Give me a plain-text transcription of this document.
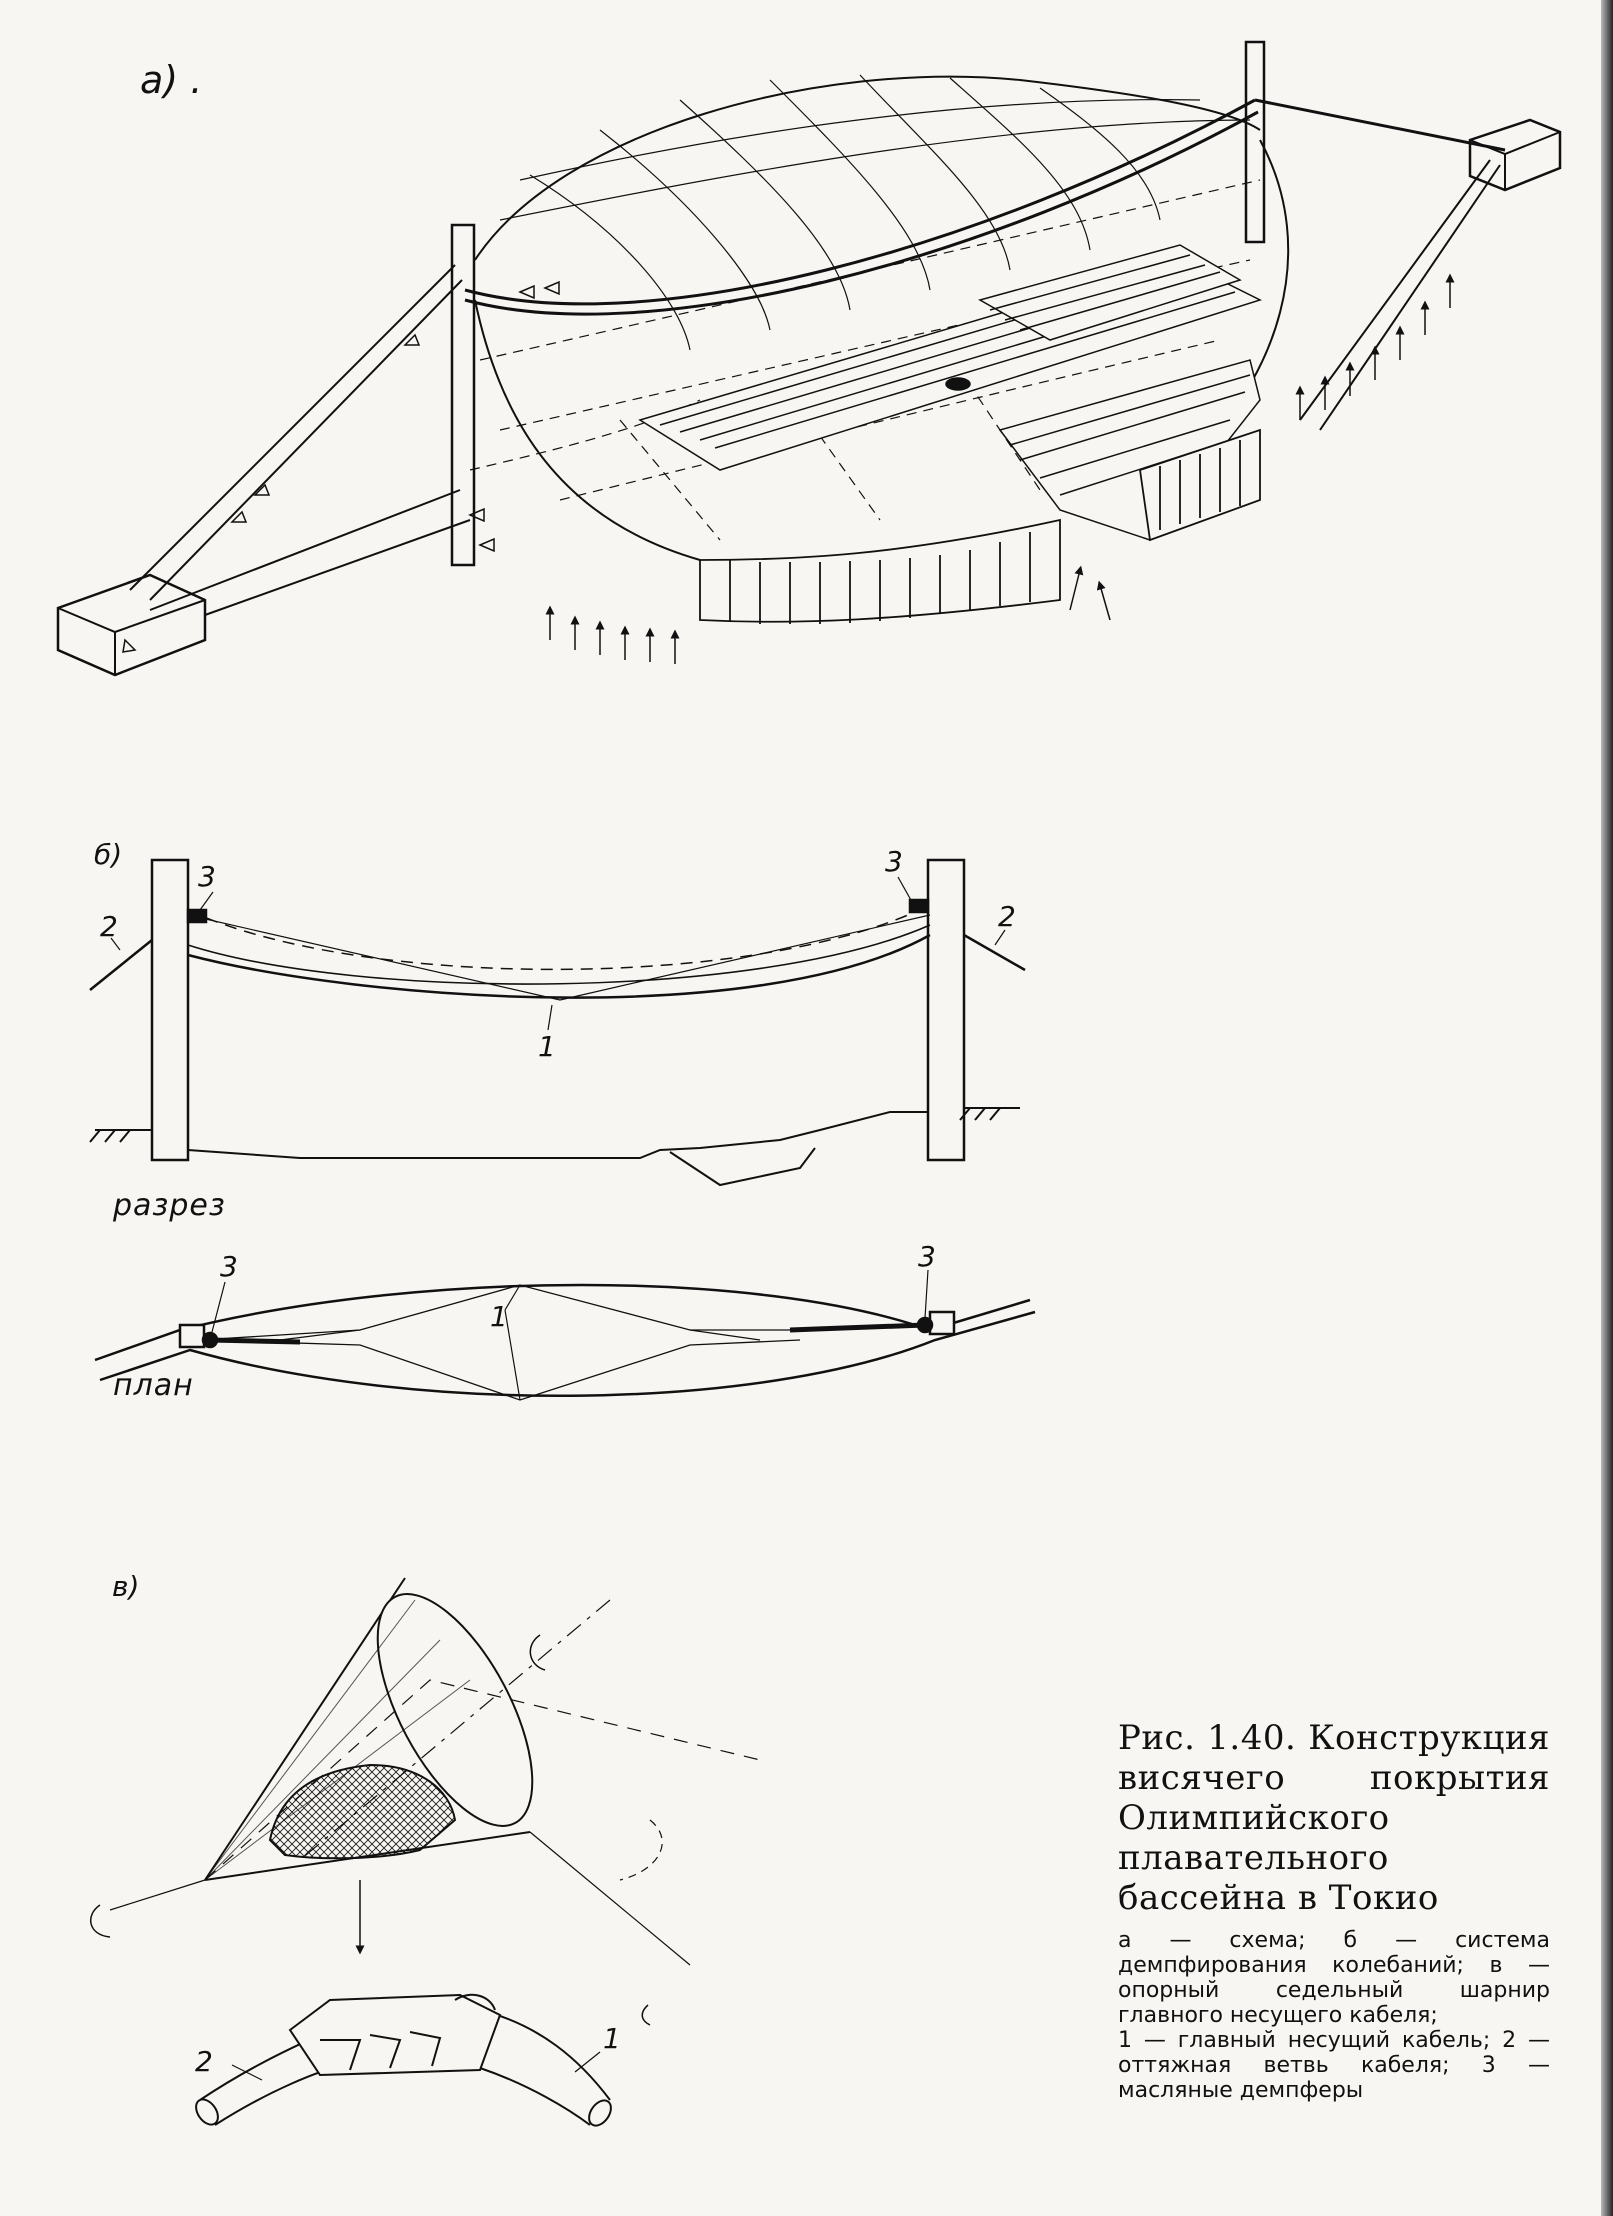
а) .
б)
в)
3	3
2	2
1
разрез
3	3
1
план
2
1
Рис. 1.40. Конструкция висячего покрытия Олимпийского плавательного бассейна в Токио
а — схема; б — система демпфирования колебаний; в — опорный седельный шарнир главного несущего кабеля;
1 — главный несущий кабель; 2 — оттяжная ветвь кабеля; 3 — масляные демпферы
